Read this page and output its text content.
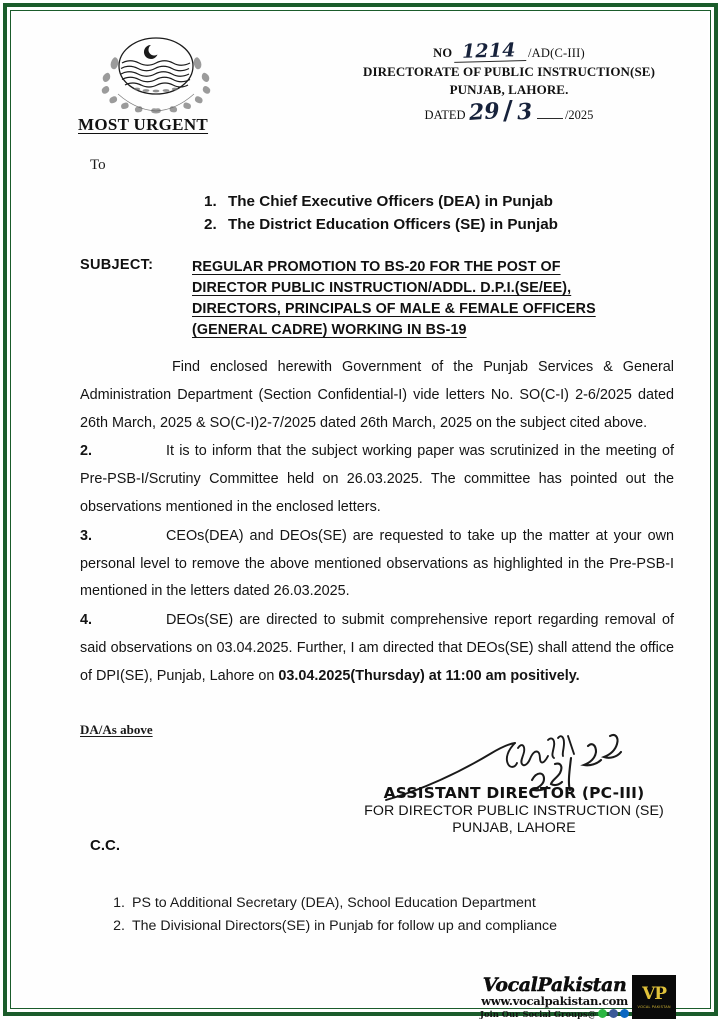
NO 1214 /AD(C-III)
DIRECTORATE OF PUBLIC INSTRUCTION(SE)
PUNJAB, LAHORE.
DATED 29 / 3	/2025
MOST URGENT
To
1. The Chief Executive Officers (DEA) in Punjab
2. The District Education Officers (SE) in Punjab
SUBJECT:	REGULAR PROMOTION TO BS-20 FOR THE POST OF
DIRECTOR PUBLIC INSTRUCTION/ADDL. D.P.I.(SE/EE),
DIRECTORS, PRINCIPALS OF MALE & FEMALE OFFICERS
(GENERAL CADRE) WORKING IN BS-19

Find enclosed herewith Government of the Punjab Services & General Administration Department (Section Confidential-I) vide letters No. SO(C-I) 2-6/2025 dated 26th March, 2025 & SO(C-I)2-7/2025 dated 26th March, 2025 on the subject cited above.

2.	It is to inform that the subject working paper was scrutinized in the meeting of Pre-PSB-I/Scrutiny Committee held on 26.03.2025. The committee has pointed out the observations mentioned in the enclosed letters.

3.	CEOs(DEA) and DEOs(SE) are requested to take up the matter at your own personal level to remove the above mentioned observations as highlighted in the Pre-PSB-I mentioned in the letters dated 26.03.2025.

4.	DEOs(SE) are directed to submit comprehensive report regarding removal of said observations on 03.04.2025. Further, I am directed that DEOs(SE) shall attend the office of DPI(SE), Punjab, Lahore on 03.04.2025(Thursday) at 11:00 am positively.

DA/As above
ASSISTANT DIRECTOR (PC-III)
FOR DIRECTOR PUBLIC INSTRUCTION (SE)
PUNJAB, LAHORE
C.C.
1. PS to Additional Secretary (DEA), School Education Department
2. The Divisional Directors(SE) in Punjab for follow up and compliance
VocalPakistan
www.vocalpakistan.com
Join Our Social Groups@
VP
VOCAL PAKISTAN
